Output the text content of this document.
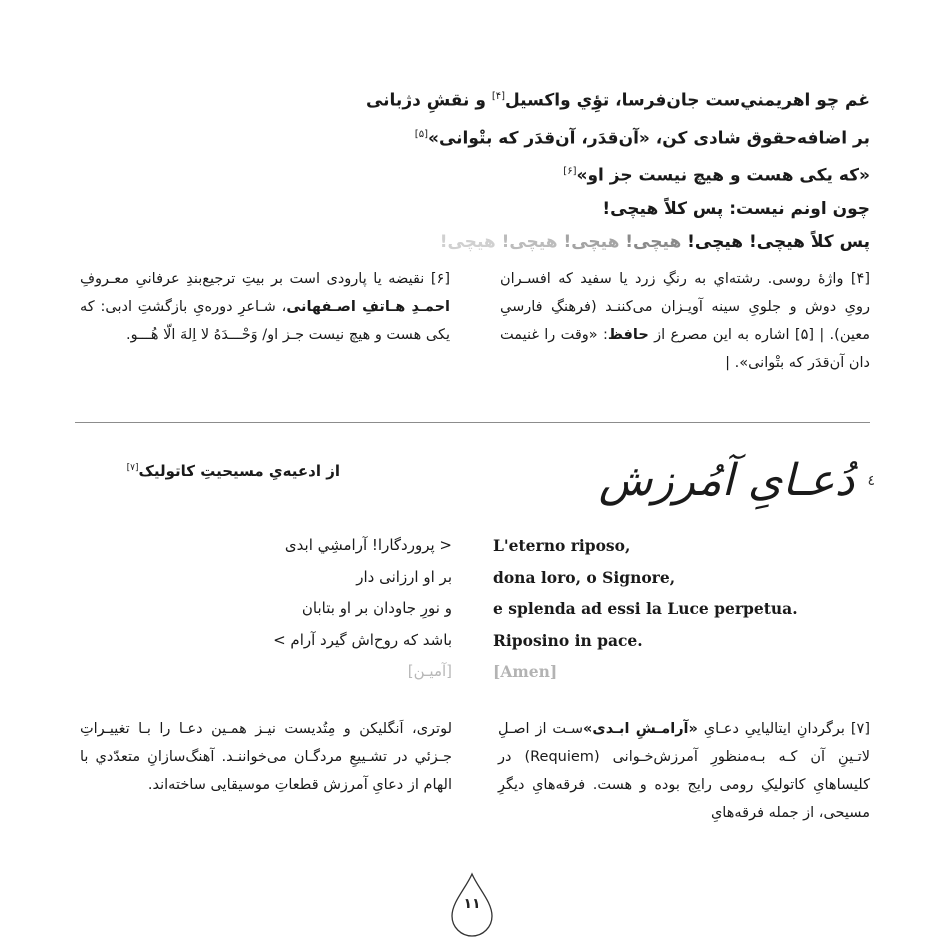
غم چو اهریمني‌ست جان‌فرسا، تؤِي واکسیل[۴] و نقشِ دژبانی
بر اضافه‌حقوق شادی کن، «آن‌قدَر، آن‌قدَر که بتْوانی»[۵]
«که یکی هست و هیچ نیست جز او»[۶]
چون اونم نیست: پس کلاً هیچی!
پس کلاً هیچی! هیچی! هیچی! هیچی! هیچی! هیچی!
[۴] واژۀ روسی. رشته‌اي به رنگِ زرد یا سفید که افسـران رویِ دوش و جلویِ سینه آویـزان می‌کننـد (فرهنگِ فارسیِ معین). | [۵] اشاره به این مصرع از حافظ: «وقت را غنیمت دان آن‌قدَر که بتْوانی». |
[۶] نقیضه یا پارودی است بر بیتِ ترجیع‌بندِ عرفانیِ معـروفِ احمـدِ هـاتفِ اصـفهانی، شـاعرِ دوره‌یِ بازگشتِ ادبی: که یکی هست و هیچ نیست جـز او/ وَحْـــدَهُ لا اِلهَ الّا هُـــو.
٤ دُعـایِ آمُرزش
از ادعیه‌یِ مسیحیتِ کاتولیک[۷]
L'eterno riposo,
dona loro, o Signore,
e splenda ad essi la Luce perpetua.
Riposino in pace.
[Amen]
< پروردگارا! آرامشِي ابدی
بر او ارزانی دار
و نورِ جاودان بر او بتابان
باشد که روح‌اش گیرد آرام >
[آمیـن]
[۷] برگردانِ ایتالیاییِ دعـایِ «آرامـشِ ابـدی»سـت از اصـلِ لاتـینِ آن کـه بـه‌منظورِ آمرزش‌خـوانی (Requiem) در کلیساهایِ کاتولیکِ رومی رایج بوده و هست. فرقه‌هایِ دیگرِ مسیحی، از جمله فرقه‌هایِ
لوتری، اَنگلیکن و مِتُدیست نیـز همـین دعـا را بـا تغییـراتِ جـزئي در تشـییعِ مردگـان می‌خواننـد. آهنگ‌سازانِ متعدّدي با الهام از دعایِ آمرزش قطعاتِ موسیقایی ساخته‌اند.
۱۱
